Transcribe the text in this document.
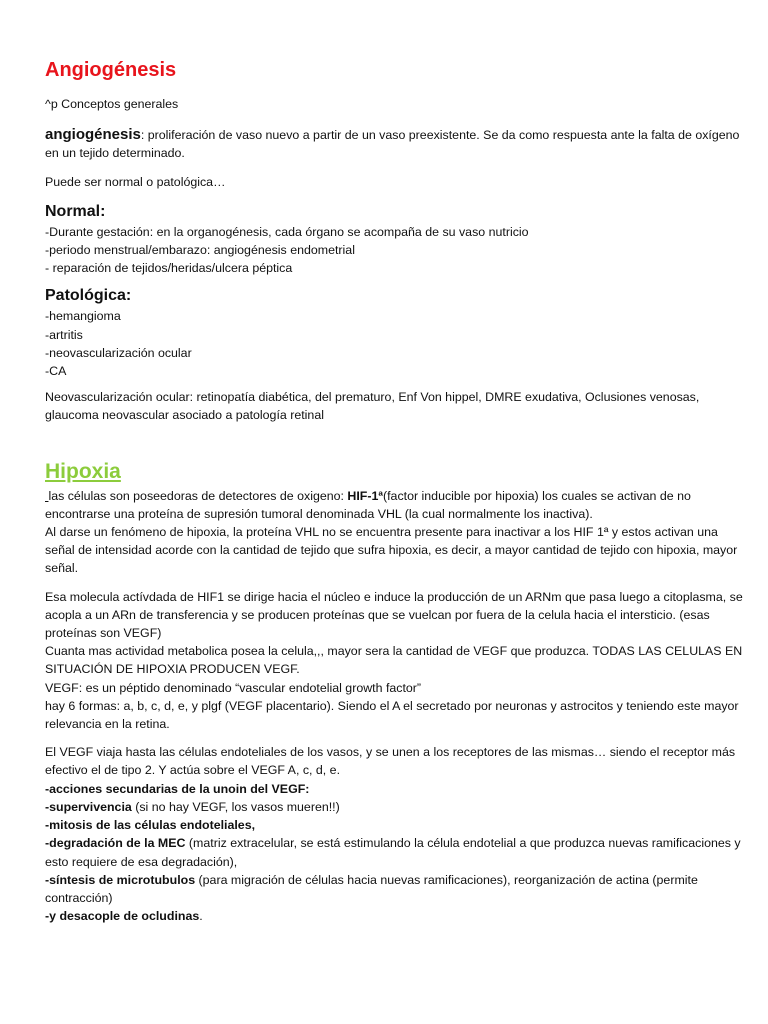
Angiogénesis

^p Conceptos generales

angiogénesis: proliferación de vaso nuevo a partir de un vaso preexistente. Se da como respuesta ante la falta de oxígeno en un tejido determinado.

Puede ser normal o patológica…

Normal:

-Durante gestación: en la organogénesis, cada órgano se acompaña de su vaso nutricio

-periodo menstrual/embarazo: angiogénesis endometrial

- reparación de tejidos/heridas/ulcera péptica

Patológica:

-hemangioma

-artritis

-neovascularización ocular

-CA

Neovascularización ocular: retinopatía diabética, del prematuro, Enf Von hippel, DMRE exudativa, Oclusiones venosas, glaucoma neovascular asociado a patología retinal

Hipoxia

las células son poseedoras de detectores de oxigeno: HIF-1ª(factor inducible por hipoxia) los cuales se activan de no encontrarse una proteína de supresión tumoral denominada VHL (la cual normalmente los inactiva).

Al darse un fenómeno de hipoxia, la proteína VHL no se encuentra presente para inactivar a los HIF 1ª y estos activan una señal de intensidad acorde con la cantidad de tejido que sufra hipoxia, es decir, a mayor cantidad de tejido con hipoxia, mayor señal.

Esa molecula actívdada de HIF1 se dirige hacia el núcleo e induce la producción de un ARNm que pasa luego a citoplasma, se acopla a un ARn de transferencia y se producen proteínas que se vuelcan por fuera de la celula hacia el intersticio. (esas proteínas son VEGF)

Cuanta mas actividad metabolica posea la celula,,, mayor sera la cantidad de VEGF que produzca. TODAS LAS CELULAS EN SITUACIÓN DE HIPOXIA PRODUCEN VEGF.

VEGF: es un péptido denominado “vascular endotelial growth factor”

hay 6 formas: a, b, c, d, e, y plgf (VEGF placentario). Siendo el A el secretado por neuronas y astrocitos y teniendo este mayor relevancia en la retina.

El VEGF viaja hasta las células endoteliales de los vasos, y se unen a los receptores de las mismas… siendo el receptor más efectivo el de tipo 2. Y actúa sobre el VEGF A, c, d, e.

-acciones secundarias de la unoin del VEGF:

-supervivencia (si no hay VEGF, los vasos mueren!!)

-mitosis de las células endoteliales,

-degradación de la MEC (matriz extracelular, se está estimulando la célula endotelial a que produzca nuevas ramificaciones y esto requiere de esa degradación),

-síntesis de microtubulos (para migración de células hacia nuevas ramificaciones), reorganización de actina (permite contracción)

-y desacople de ocludinas.
